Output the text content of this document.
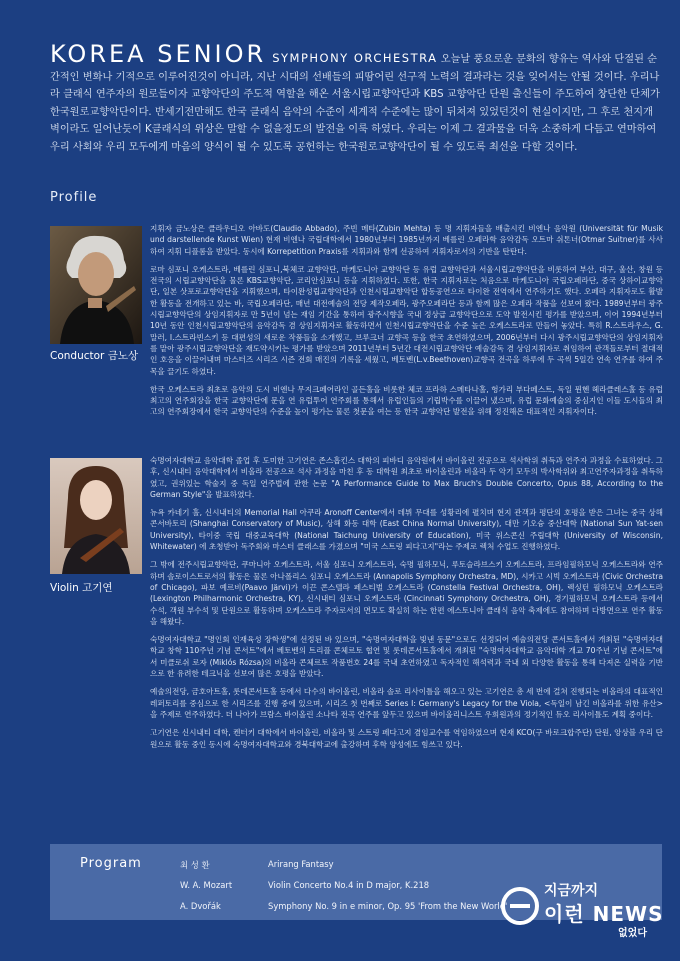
KOREA SENIOR SYMPHONY ORCHESTRA 오늘날 풍요로운 문화의 향유는 역사와 단절된 순간적인 변화나 기적으로 이루어진것이 아니라, 지난 시대의 선배들의 피땀어린 선구적 노력의 결과라는 것을 잊어서는 안될 것이다. 우리나라 클래식 연주자의 원로들이자 교향악단의 주도적 역할을 해온 서울시립교향악단과 KBS 교향악단 단원 출신들이 주도하여 창단한 단체가 한국원로교향악단이다. 반세기전만해도 한국 클래식 음악의 수준이 세계적 수준에는 많이 뒤쳐져 있었던것이 현실이지만, 그 후로 천지개벽이라도 일어난듯이 K클래식의 위상은 말할 수 없을정도의 발전을 이룩 하였다. 우리는 이제 그 결과물을 더욱 소중하게 다듬고 연마하여 우리 사회와 우리 모두에게 마음의 양식이 될 수 있도록 공헌하는 한국원로교향악단이 될 수 있도록 최선을 다할 것이다.
Profile
Conductor 금노상

지휘자 금노상은 클라우디오 아바도(Claudio Abbado), 주빈 메타(Zubin Mehta) 등 명 지휘자들을 배출시킨 비엔나 음악원 (Universität für Musik und darstellende Kunst Wien) 현재 비엔나 국립대학에서 1980년부터 1985년까지 베를린 오페라학 음악감독 오트마 쉬톤너(Otmar Suitner)를 사사하여 지휘 디플롬을 받았다. 동시에 Korrepetition Praxis를 지휘과와 함께 선공하여 지휘자로서의 기반을 탄탄다.

로마 심포니 오케스트라, 베를린 심포니,북체코 교향악단, 마케도니아 교향악단 등 유럽 교향악단과 서울시립교향악단을 비롯하여 부산, 대구, 울산, 창원 등 전국의 시립교향악단을 물론 KBS교향악단, 코리안심포니 등을 지휘하였다. 또한, 한국 지휘자로는 처음으로 마케도니아 국립오페라단, 중국 상하이교향악단, 일본 삿포로교향악단을 지휘했으며, 타이완성립교향악단과 인천시립교향악단 합동공연으로 타이완 전역에서 연주하기도 했다. 오페라 지휘자로도 활발한 활동을 전개하고 있는 바, 국립오페라단, 매년 대전예술의 전당 제작오페라, 광주오페라단 등과 함께 많은 오페라 작품을 선보여 왔다. 1989년부터 광주시립교향악단의 상임지휘자로 만 5년이 넘는 재임 기간을 통하여 광주시향을 국내 정상급 교향악단으로 도약 발전시킨 평가를 받았으며, 이어 1994년부터 10년 동안 인천시립교향악단의 음악감독 겸 상임지휘자로 활동하면서 인천시립교향악단을 수준 높은 오케스트라로 만들어 놓았다. 특히 R.스트라우스, G.말러, I.스트라빈스키 등 대편성의 새로운 작품들을 소개했고, 브루크너 교향곡 등을 한국 초연하였으며, 2006년부터 다시 광주시립교향악단의 상임지휘자를 맡아 광주시립교향악단을 재도약시키는 평가를 받았으며 2011년부터 5년간 대전시립교향악단 예술감독 겸 상임지휘자로 취임하여 관객들로부터 절대적인 호응을 이끌어내며 마스터즈 시리즈 시즌 전회 매진의 기록을 세웠고, 베토벤(L.v.Beethoven)교향곡 전곡을 하루에 두 곡씩 5일간 연속 연주를 하여 주목을 끌기도 하였다.

한국 오케스트라 최초로 음악의 도시 비엔나 무지크페어라인 골든홀을 비롯한 체코 프라하 스메타나홀, 헝가리 부다페스트, 독일 뮌헨 헤라클레스홀 등 유럽최고의 연주회장을 한국 교향악단에 문을 연 유럽투어 연주회를 통해서 유럽인들의 기립박수를 이끌어 냈으며, 유럽 문화예술의 중심지인 이들 도시들의 최고의 연주회장에서 한국 교향악단의 수준을 높이 평가는 물론 첫문을 여는 등 한국 교향악단 발전을 위해 정진해온 대표적인 지휘자이다.

Violin 고기연

숙명여자대학교 음악대학 졸업 후 도미한 고기연은 존스홉킨스 대학의 피바디 음악원에서 바이올린 전공으로 석사학위 취득과 연주자 과정을 수료하였다. 그 후, 신시내티 음악대학에서 비올라 전공으로 석사 과정을 마친 후 동 대학원 최초로 바이올린과 비올라 두 악기 모두의 박사학위와 최고연주자과정을 취득하였고, 권위있는 학술지 중 독일 연주법에 관한 논문 "A Performance Guide to Max Bruch's Double Concerto, Opus 88, According to the German Style"을 발표하였다.

뉴욕 카네기 홀, 신시내티의 Memorial Hall 아쿠라 Aronoff Center에서 데뷔 무대를 성황리에 펼치며 현지 관객과 평단의 호평을 받은 그녀는 중국 상해 콘서바토리 (Shanghai Conservatory of Music), 상해 화동 대학 (East China Normal University), 대만 기오슝 중산대학 (National Sun Yat-sen University), 타이중 국립 대중교육대학 (National Taichung University of Education), 미국 위스콘신 주립대학 (University of Wisconsin, Whitewater) 에 초청받아 독주회와 마스터 클래스를 가졌으며 "미국 스트링 피다고지"라는 주제로 렉처 수업도 진행하였다.

그 밖에 전주시립교향악단, 쿠마니아 오케스트라, 서울 심포니 오케스트라, 숙명 필하모닉, 루토슬라브스키 오케스트라, 프라임필하모닉 오케스트라와 연주하며 솔로이스트로서의 활동은 물론 아나폴리스 심포니 오케스트라 (Annapolis Symphony Orchestra, MD), 시카고 시빅 오케스트라 (Civic Orchestra of Chicago), 파보 예르비(Paavo Järvi)가 이끈 콘스텔라 페스티벌 오케스트라 (Constella Festival Orchestra, OH), 렉싱턴 필하모닉 오케스트라 (Lexington Philharmonic Orchestra, KY), 신시내티 심포니 오케스트라 (Cincinnati Symphony Orchestra, OH), 경기필하모닉 오케스트라 등에서 수석, 객원 부수석 및 단원으로 활동하며 오케스트라 주자로서의 면모도 확실히 하는 한편 에스토니아 클래식 음악 축제에도 참여하며 다방면으로 연주 활동을 해왔다.

숙명여자대학교 "명인회 인재육성 장학생"에 선정된 바 있으며, "숙명여자대학을 빛낸 동문"으로도 선정되어 예술의전당 콘서트홀에서 개최된 "숙명여자대학교 창학 110주년 기념 콘서트"에서 베토벤의 트리플 콘체르토 협연 및 롯데콘서트홀에서 개최된 "숙명여자대학교 음악대학 개교 70주년 기념 콘서트"에서 미클로쉬 로자 (Miklós Rózsa)의 비올라 콘체르토 작품번호 24를 국내 초연하였고 독자적인 해석력과 국내 외 다양한 활동을 통해 다져온 실력을 기반으로 한 유려한 테크닉을 선보여 많은 호평을 받았다.

예술의전당, 금호아트홀, 롯데콘서트홀 등에서 다수의 바이올린, 비올라 솔로 리사이틀을 해오고 있는 고기연은 총 세 번에 걸쳐 진행되는 비올라의 대표적인 레퍼토리를 중심으로 한 시리즈를 진행 중에 있으며, 시리즈 첫 번째로 Series I: Germany's Legacy for the Viola, <독일이 남긴 비올라를 위한 유산>을 주제로 연주하였다. 더 나아가 브람스 바이올린 소나타 전곡 연주를 앞두고 있으며 바이올리니스트 우희원과의 정기적인 듀오 리사이틀도 계획 중이다.

고기연은 신시내티 대학, 켄터키 대학에서 바이올린, 비올라 및 스트링 페다고지 겸임교수를 역임하였으며 현재 KCO(구 바로크합주단) 단원, 앙상블 우리 단원으로 활동 중인 동시에 숙명여자대학교와 경북대학교에 출강하며 후학 양성에도 힘쓰고 있다.

Program	최 성 환	Arirang Fantasy
W. A. Mozart	Violin Concerto No.4 in D major, K.218
A. Dvořák	Symphony No. 9 in e minor, Op. 95 'From the New World'
지금까지
이런 NEWS
없었다
